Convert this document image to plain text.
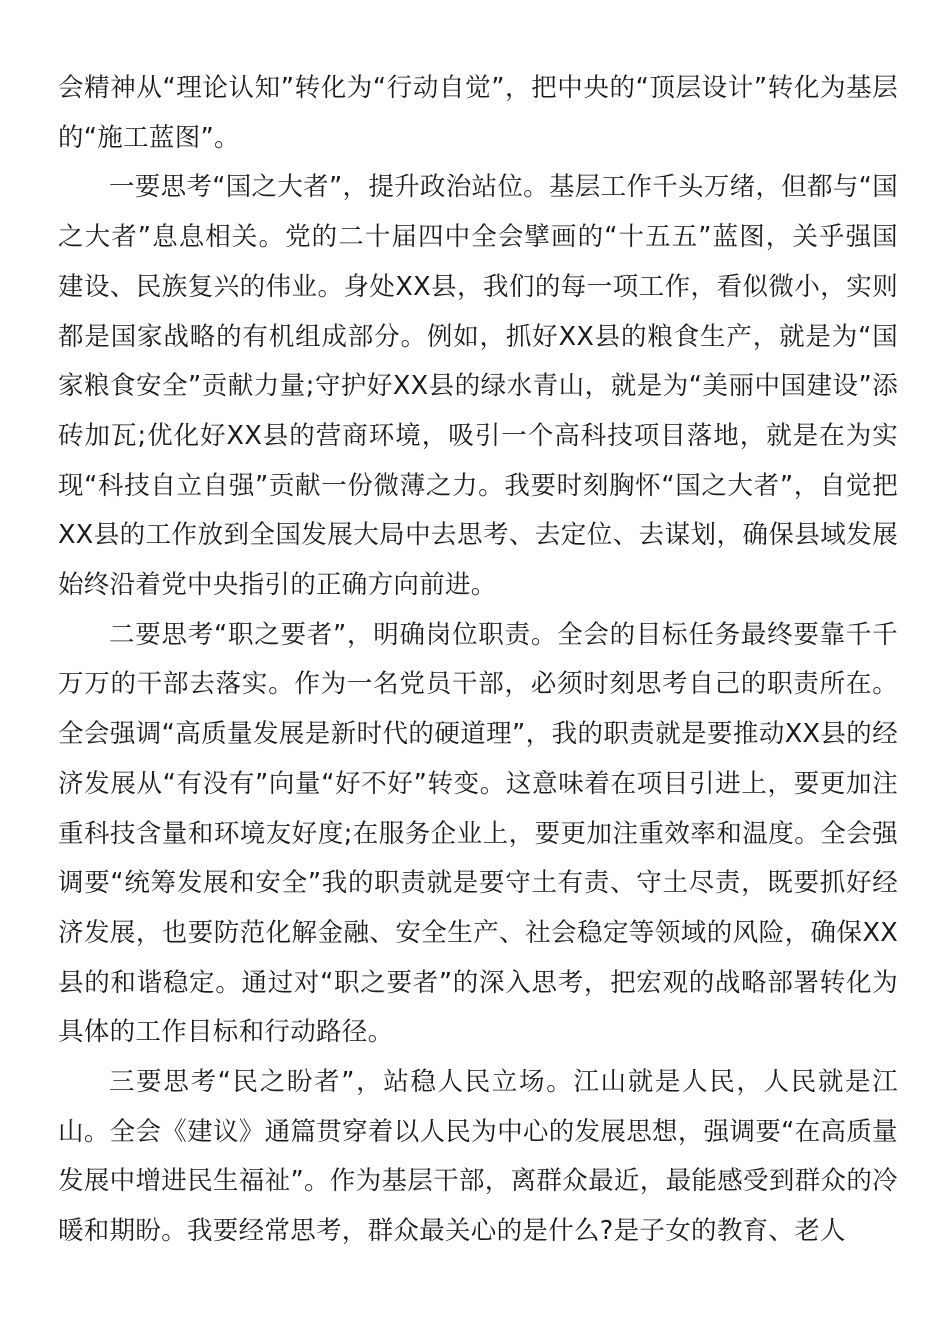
会精神从“理论认知”转化为“行动自觉”，把中央的“顶层设计”转化为基层的“施工蓝图”。

一要思考“国之大者”，提升政治站位。基层工作千头万绪，但都与“国之大者”息息相关。党的二十届四中全会擘画的“十五五”蓝图，关乎强国建设、民族复兴的伟业。身处XX县，我们的每一项工作，看似微小，实则都是国家战略的有机组成部分。例如，抓好XX县的粮食生产，就是为“国家粮食安全”贡献力量;守护好XX县的绿水青山，就是为“美丽中国建设”添砖加瓦;优化好XX县的营商环境，吸引一个高科技项目落地，就是在为实现“科技自立自强”贡献一份微薄之力。我要时刻胸怀“国之大者”，自觉把XX县的工作放到全国发展大局中去思考、去定位、去谋划，确保县域发展始终沿着党中央指引的正确方向前进。

二要思考“职之要者”，明确岗位职责。全会的目标任务最终要靠千千万万的干部去落实。作为一名党员干部，必须时刻思考自己的职责所在。全会强调“高质量发展是新时代的硬道理”，我的职责就是要推动XX县的经济发展从“有没有”向量“好不好”转变。这意味着在项目引进上，要更加注重科技含量和环境友好度;在服务企业上，要更加注重效率和温度。全会强调要“统筹发展和安全”我的职责就是要守土有责、守土尽责，既要抓好经济发展，也要防范化解金融、安全生产、社会稳定等领域的风险，确保XX县的和谐稳定。通过对“职之要者”的深入思考，把宏观的战略部署转化为具体的工作目标和行动路径。

三要思考“民之盼者”，站稳人民立场。江山就是人民，人民就是江山。全会《建议》通篇贯穿着以人民为中心的发展思想，强调要“在高质量发展中增进民生福祉”。作为基层干部，离群众最近，最能感受到群众的冷暖和期盼。我要经常思考，群众最关心的是什么?是子女的教育、老人
